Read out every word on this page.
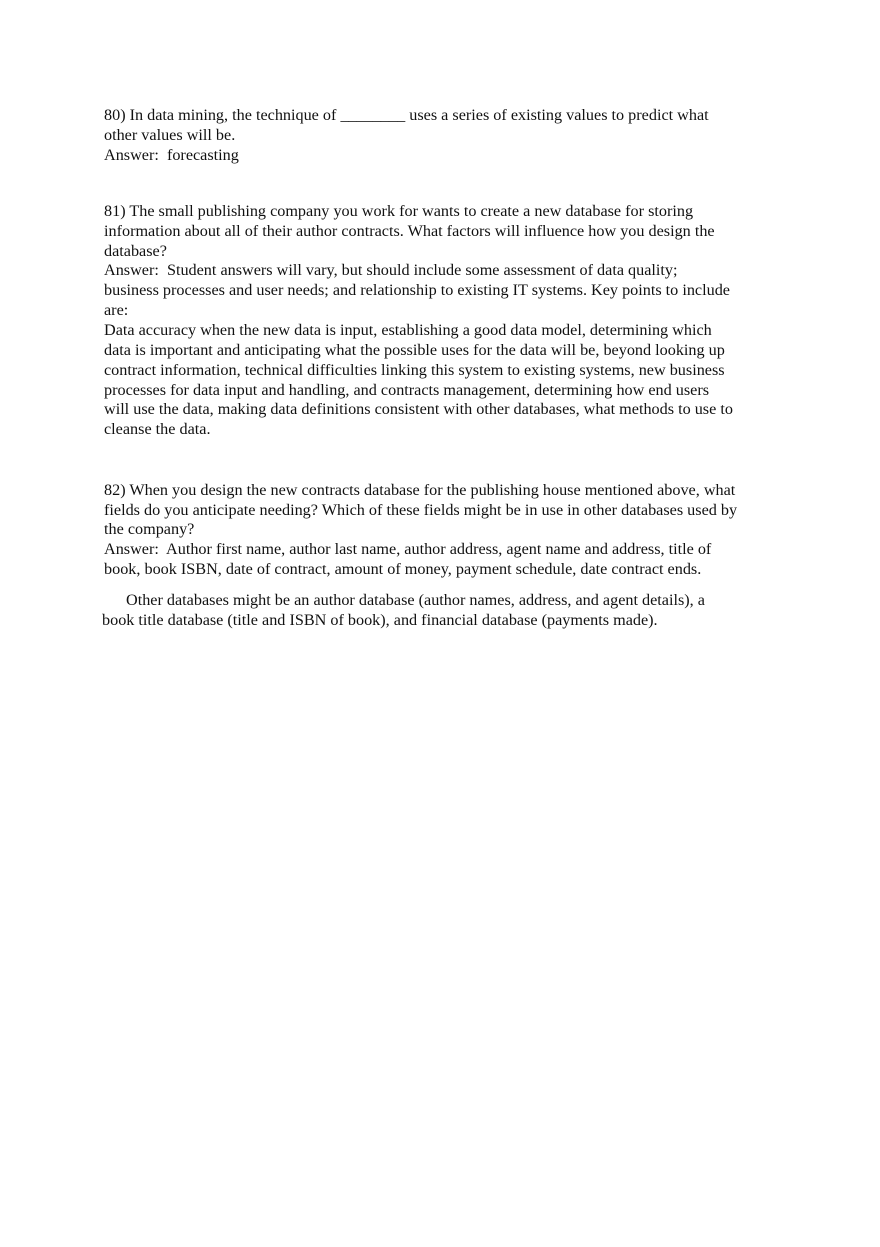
80) In data mining, the technique of ________ uses a series of existing values to predict what
other values will be.
Answer:  forecasting
81) The small publishing company you work for wants to create a new database for storing
information about all of their author contracts. What factors will influence how you design the
database?
Answer:  Student answers will vary, but should include some assessment of data quality;
business processes and user needs; and relationship to existing IT systems. Key points to include
are:
Data accuracy when the new data is input, establishing a good data model, determining which
data is important and anticipating what the possible uses for the data will be, beyond looking up
contract information, technical difficulties linking this system to existing systems, new business
processes for data input and handling, and contracts management, determining how end users
will use the data, making data definitions consistent with other databases, what methods to use to
cleanse the data.
82) When you design the new contracts database for the publishing house mentioned above, what
fields do you anticipate needing? Which of these fields might be in use in other databases used by
the company?
Answer:  Author first name, author last name, author address, agent name and address, title of
book, book ISBN, date of contract, amount of money, payment schedule, date contract ends.
Other databases might be an author database (author names, address, and agent details), a
book title database (title and ISBN of book), and financial database (payments made).
